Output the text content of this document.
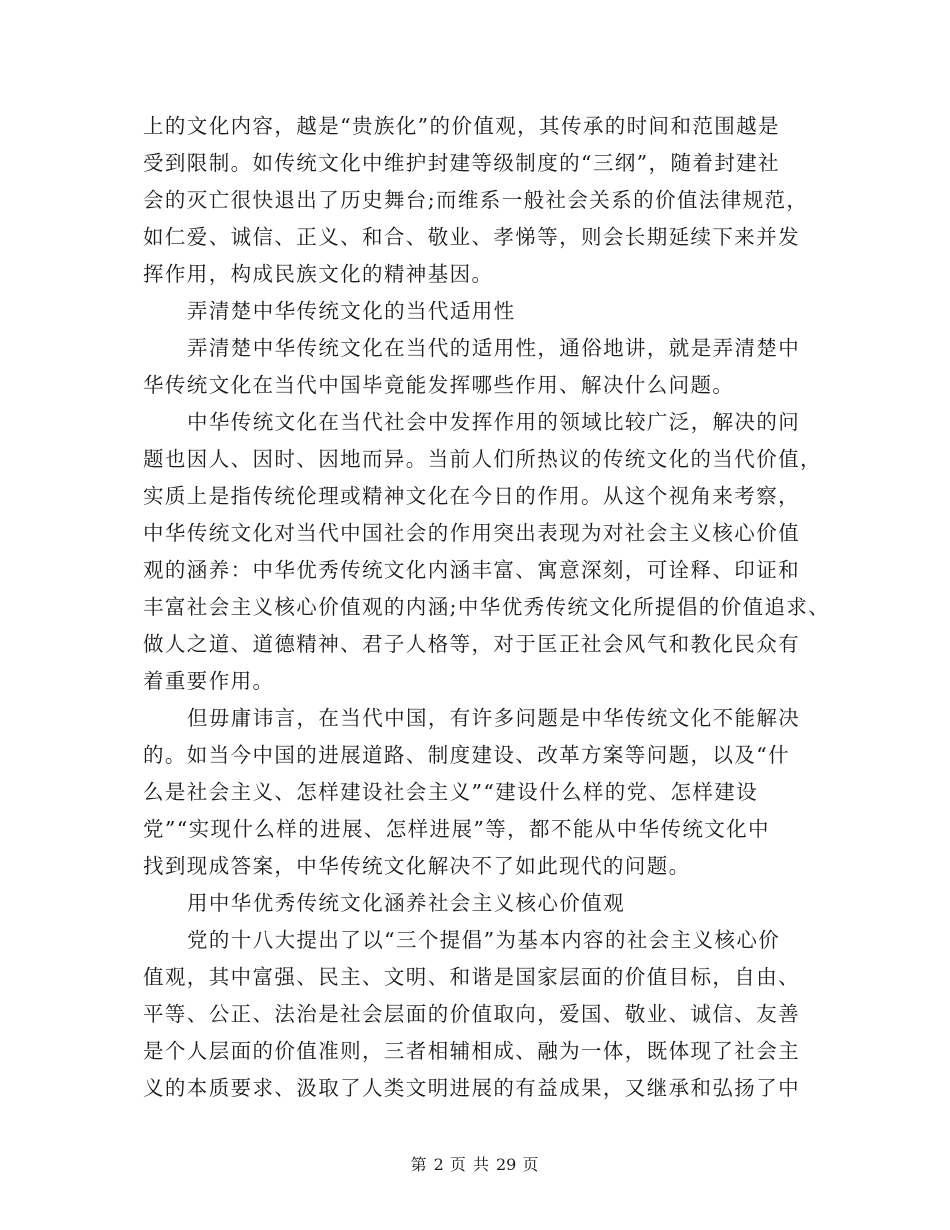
上的文化内容，越是“贵族化”的价值观，其传承的时间和范围越是
受到限制。如传统文化中维护封建等级制度的“三纲”，随着封建社
会的灭亡很快退出了历史舞台;而维系一般社会关系的价值法律规范，
如仁爱、诚信、正义、和合、敬业、孝悌等，则会长期延续下来并发
挥作用，构成民族文化的精神基因。
弄清楚中华传统文化的当代适用性
弄清楚中华传统文化在当代的适用性，通俗地讲，就是弄清楚中
华传统文化在当代中国毕竟能发挥哪些作用、解决什么问题。
中华传统文化在当代社会中发挥作用的领域比较广泛，解决的问
题也因人、因时、因地而异。当前人们所热议的传统文化的当代价值，
实质上是指传统伦理或精神文化在今日的作用。从这个视角来考察，
中华传统文化对当代中国社会的作用突出表现为对社会主义核心价值
观的涵养：中华优秀传统文化内涵丰富、寓意深刻，可诠释、印证和
丰富社会主义核心价值观的内涵;中华优秀传统文化所提倡的价值追求、
做人之道、道德精神、君子人格等，对于匡正社会风气和教化民众有
着重要作用。
但毋庸讳言，在当代中国，有许多问题是中华传统文化不能解决
的。如当今中国的进展道路、制度建设、改革方案等问题，以及“什
么是社会主义、怎样建设社会主义”“建设什么样的党、怎样建设
党”“实现什么样的进展、怎样进展”等，都不能从中华传统文化中
找到现成答案，中华传统文化解决不了如此现代的问题。
用中华优秀传统文化涵养社会主义核心价值观
党的十八大提出了以“三个提倡”为基本内容的社会主义核心价
值观，其中富强、民主、文明、和谐是国家层面的价值目标，自由、
平等、公正、法治是社会层面的价值取向，爱国、敬业、诚信、友善
是个人层面的价值准则，三者相辅相成、融为一体，既体现了社会主
义的本质要求、汲取了人类文明进展的有益成果，又继承和弘扬了中
第 2 页 共 29 页
